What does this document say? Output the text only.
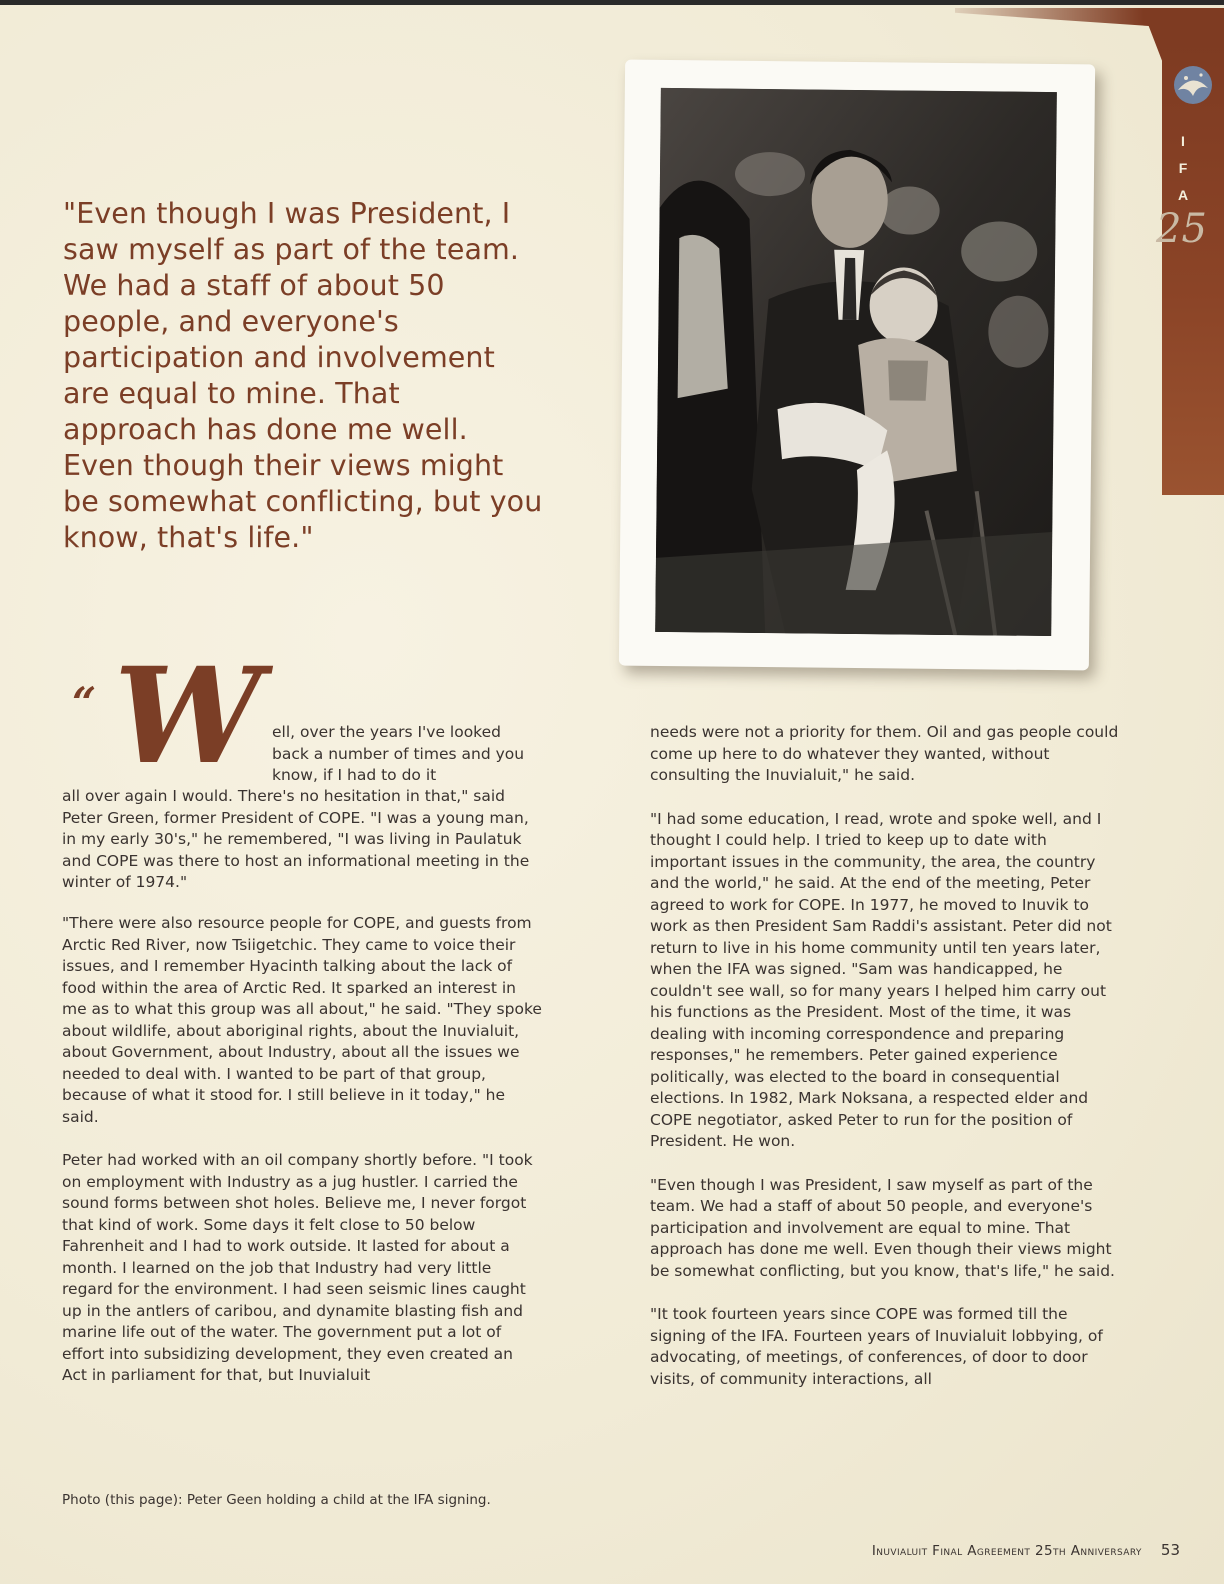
I
F
A
25

"Even though I was President, I saw myself as part of the team. We had a staff of about 50 people, and everyone's participation and involvement are equal to mine. That approach has done me well. Even though their views might be somewhat conflicting, but you know, that's life."

“ W ell, over the years I've looked back a number of times and you know, if I had to do it
all over again I would. There's no hesitation in that," said Peter Green, former President of COPE. "I was a young man, in my early 30's," he remembered, "I was living in Paulatuk and COPE was there to host an informational meeting in the winter of 1974."

"There were also resource people for COPE, and guests from Arctic Red River, now Tsiigetchic. They came to voice their issues, and I remember Hyacinth talking about the lack of food within the area of Arctic Red. It sparked an interest in me as to what this group was all about," he said. "They spoke about wildlife, about aboriginal rights, about the Inuvialuit, about Government, about Industry, about all the issues we needed to deal with. I wanted to be part of that group, because of what it stood for. I still believe in it today," he said.

Peter had worked with an oil company shortly before. "I took on employment with Industry as a jug hustler. I carried the sound forms between shot holes. Believe me, I never forgot that kind of work. Some days it felt close to 50 below Fahrenheit and I had to work outside. It lasted for about a month. I learned on the job that Industry had very little regard for the environment. I had seen seismic lines caught up in the antlers of caribou, and dynamite blasting fish and marine life out of the water. The government put a lot of effort into subsidizing development, they even created an Act in parliament for that, but Inuvialuit

needs were not a priority for them. Oil and gas people could come up here to do whatever they wanted, without consulting the Inuvialuit," he said.

"I had some education, I read, wrote and spoke well, and I thought I could help. I tried to keep up to date with important issues in the community, the area, the country and the world," he said. At the end of the meeting, Peter agreed to work for COPE. In 1977, he moved to Inuvik to work as then President Sam Raddi's assistant. Peter did not return to live in his home community until ten years later, when the IFA was signed. "Sam was handicapped, he couldn't see wall, so for many years I helped him carry out his functions as the President. Most of the time, it was dealing with incoming correspondence and preparing responses," he remembers. Peter gained experience politically, was elected to the board in consequential elections. In 1982, Mark Noksana, a respected elder and COPE negotiator, asked Peter to run for the position of President. He won.

"Even though I was President, I saw myself as part of the team. We had a staff of about 50 people, and everyone's participation and involvement are equal to mine. That approach has done me well. Even though their views might be somewhat conflicting, but you know, that's life," he said.

"It took fourteen years since COPE was formed till the signing of the IFA. Fourteen years of Inuvialuit lobbying, of advocating, of meetings, of conferences, of door to door visits, of community interactions, all

Photo (this page): Peter Geen holding a child at the IFA signing.
Inuvialuit Final Agreement 25th Anniversary 53
